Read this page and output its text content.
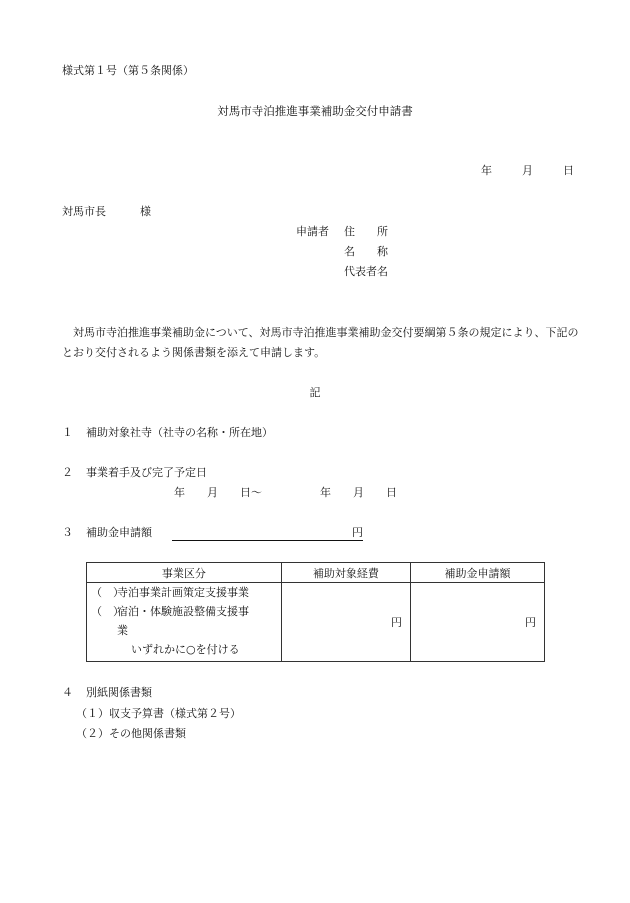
様式第１号（第５条関係）
対馬市寺泊推進事業補助金交付申請書
年	月	日
対馬市長	様
申請者 住　　所
名　　称
代表者名
対馬市寺泊推進事業補助金について、対馬市寺泊推進事業補助金交付要綱第５条の規定により、下記のとおり交付されるよう関係書類を添えて申請します。
記
１ 補助対象社寺（社寺の名称・所在地）
２ 事業着手及び完了予定日
年　　月　　日～	年　　月　　日
３ 補助金申請額	円
事業区分	補助対象経費	補助金申請額

（　）寺泊事業計画策定支援事業
（　）宿泊・体験施設整備支援事
業
いずれかに○を付ける	円	円
４ 別紙関係書類
（１）収支予算書（様式第２号）
（２）その他関係書類
